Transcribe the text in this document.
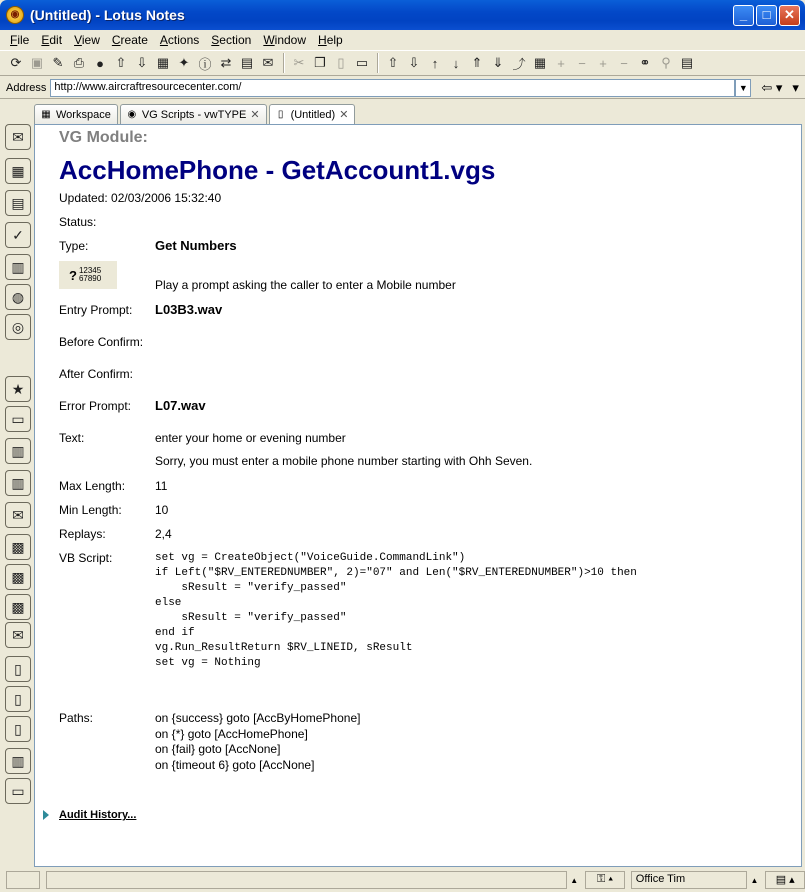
◉ (Untitled) - Lotus Notes	_	□	✕
File	Edit	View	Create	Actions	Section	Window	Help
⟳ ▣ ✎ ⎙ ● ⇧ ⇩ ▦ ✦ ⓘ ⇄ ▤ ✉	✂ ❐ ▯ ▭	⇧ ⇩ ↑	↓ ⇑ ⇓ ⤴ ▦ +	−	+	− ⚭ ⚲ ▤
Address http://www.aircraftresourcecenter.com/	▼ ⇦ ▾ ▾
▦ Workspace ◉ VG Scripts - vwTYPE ✕	▯ (Untitled) ✕
✉
▦
▤
✓
▥
◍
◎
★
▭
▥
▥
✉
▩
▩
▩
✉
▯
▯
▯
▥
▭
VG Module:
AccHomePhone - GetAccount1.vgs
Updated: 02/03/2006 15:32:40
Status:
Type:	Get Numbers
? 12345 67890	Play a prompt asking the caller to enter a Mobile number
Entry Prompt: L03B3.wav
Before Confirm:
After Confirm:
Error Prompt: L07.wav
Text:	enter your home or evening number
Sorry, you must enter a mobile phone number starting with Ohh Seven.
Max Length: 11
Min Length:	10
Replays:	2,4
VB Script:	set vg = CreateObject("VoiceGuide.CommandLink")
if Left("$RV_ENTEREDNUMBER", 2)="07" and Len("$RV_ENTEREDNUMBER")>10 then
sResult = "verify_passed"
else
sResult = "verify_passed"
end if
vg.Run_ResultReturn $RV_LINEID, sResult
set vg = Nothing
Paths:	on {success} goto [AccByHomePhone]
on {*} goto [AccHomePhone]
on {fail} goto [AccNone]
on {timeout 6} goto [AccNone]
Audit History...
▲	⚿ ▴	Office Tim	▲	▤ ▴
